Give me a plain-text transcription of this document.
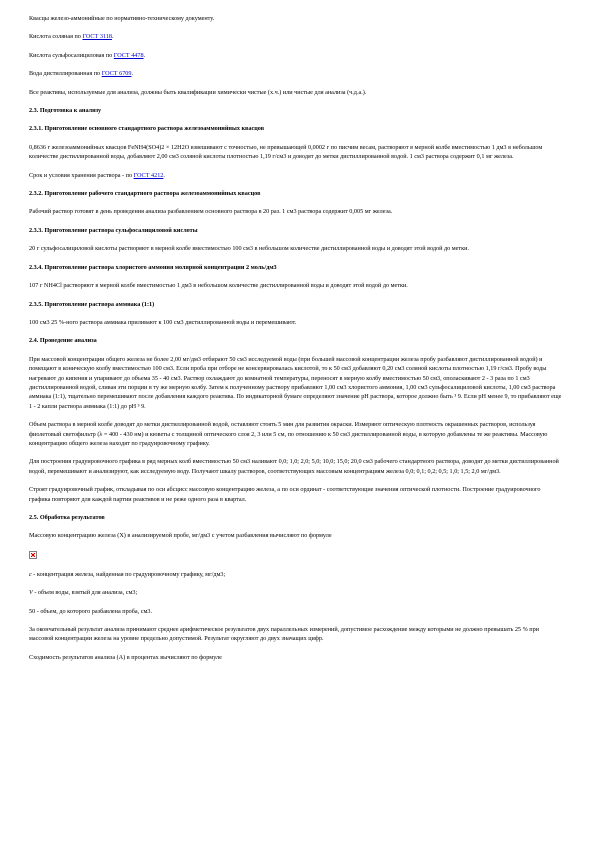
Квасцы железо-аммонийные по нормативно-техническому документу.

Кислота соляная по ГОСТ 3118.

Кислота сульфосалициловая по ГОСТ 4478.

Вода дистиллированная по ГОСТ 6709.

Все реактивы, используемые для анализа, должны быть квалификации химически чистые (х.ч.) или чистые для анализа (ч.д.а.).

2.3. Подготовка к анализу

2.3.1. Приготовление основного стандартного раствора железоаммонийных квасцов

0,8636 г железоаммонийных квасцов FeNH4(SO4)2 × 12H2O взвешивают с точностью, не превышающей 0,0002 г по писчим весам, растворяют в мерной колбе вместимостью 1 дм3 в небольшом количестве дистиллированной воды, добавляют 2,00 см3 соляной кислоты плотностью 1,19 г/см3 и доводят до метки дистиллированной водой. 1 см3 раствора содержит 0,1 мг железа.

Срок и условия хранения раствора - по ГОСТ 4212.

2.3.2. Приготовление рабочего стандартного раствора железоаммонийных квасцов

Рабочий раствор готовят в день проведения анализа разбавлением основного раствора в 20 раз. 1 см3 раствора содержит 0,005 мг железа.

2.3.3. Приготовление раствора сульфосалициловой кислоты

20 г сульфосалициловой кислоты растворяют в мерной колбе вместимостью 100 см3 в небольшом количестве дистиллированной воды и доводят этой водой до метки.

2.3.4. Приготовление раствора хлористого аммония молярной концентрации 2 моль/дм3

107 г NH4Cl растворяют в мерной колбе вместимостью 1 дм3 в небольшом количестве дистиллированной воды и доводят этой водой до метки.

2.3.5. Приготовление раствора аммиака (1:1)

100 см3 25 %-ного раствора аммиака приливают к 100 см3 дистиллированной воды и перемешивают.

2.4. Проведение анализа

При массовой концентрации общего железа не более 2,00 мг/дм3 отбирают 50 см3 исследуемой воды (при большей массовой концентрации железа пробу разбавляют дистиллированной водой) и помещают в коническую колбу вместимостью 100 см3. Если проба при отборе не консервировалась кислотой, то к 50 см3 добавляют 0,20 см3 соляной кислоты плотностью 1,19 г/см3. Пробу воды нагревают до кипения и упаривают до объема 35 - 40 см3. Раствор охлаждают до комнатной температуры, переносят в мерную колбу вместимостью 50 см3, ополаскивают 2 - 3 раза по 1 см3 дистиллированной водой, сливая эти порции в ту же мерную колбу. Затем к полученному раствору прибавляют 1,00 см3 хлористого аммония, 1,00 см3 сульфосалициловой кислоты, 1,00 см3 раствора аммиака (1:1), тщательно перемешивают после добавления каждого реактива. По индикаторной бумаге определяют значение pH раствора, которое должно быть ³ 9. Если pH менее 9, то прибавляют еще 1 - 2 капли раствора аммиака (1:1) до pH ³ 9.

Объем раствора в мерной колбе доводят до метки дистиллированной водой, оставляют стоять 5 мин для развития окраски. Измеряют оптическую плотность окрашенных растворов, используя фиолетовый светофильтр (λ = 400 - 430 нм) и кюветы с толщиной оптического слоя 2, 3 или 5 см, по отношению к 50 см3 дистиллированной воды, в которую добавлены те же реактивы. Массовую концентрацию общего железа находят по градуировочному графику.

Для построения градуировочного графика в ряд мерных колб вместимостью 50 см3 наливают 0,0; 1,0; 2,0; 5,0; 10,0; 15,0; 20,0 см3 рабочего стандартного раствора, доводят до метки дистиллированной водой, перемешивают и анализируют, как исследуемую воду. Получают шкалу растворов, соответствующих массовым концентрациям железа 0,0; 0,1; 0,2; 0,5; 1,0; 1,5; 2,0 мг/дм3.

Строят градуировочный график, откладывая по оси абсцисс массовую концентрацию железа, а по оси ординат - соответствующие значения оптической плотности. Построение градуировочного графика повторяют для каждой партии реактивов и не реже одного раза в квартал.

2.5. Обработка результатов

Массовую концентрацию железа (X) в анализируемой пробе, мг/дм3 с учетом разбавления вычисляют по формуле

c - концентрация железа, найденная по градуировочному графику, мг/дм3;

V - объем воды, взятый для анализа, см3;

50 - объем, до которого разбавлена проба, см3.

За окончательный результат анализа принимают среднее арифметическое результатов двух параллельных измерений, допустимое расхождение между которыми не должно превышать 25 % при массовой концентрации железа на уровне предельно допустимой. Результат округляют до двух значащих цифр.

Сходимость результатов анализа (A) в процентах вычисляют по формуле
